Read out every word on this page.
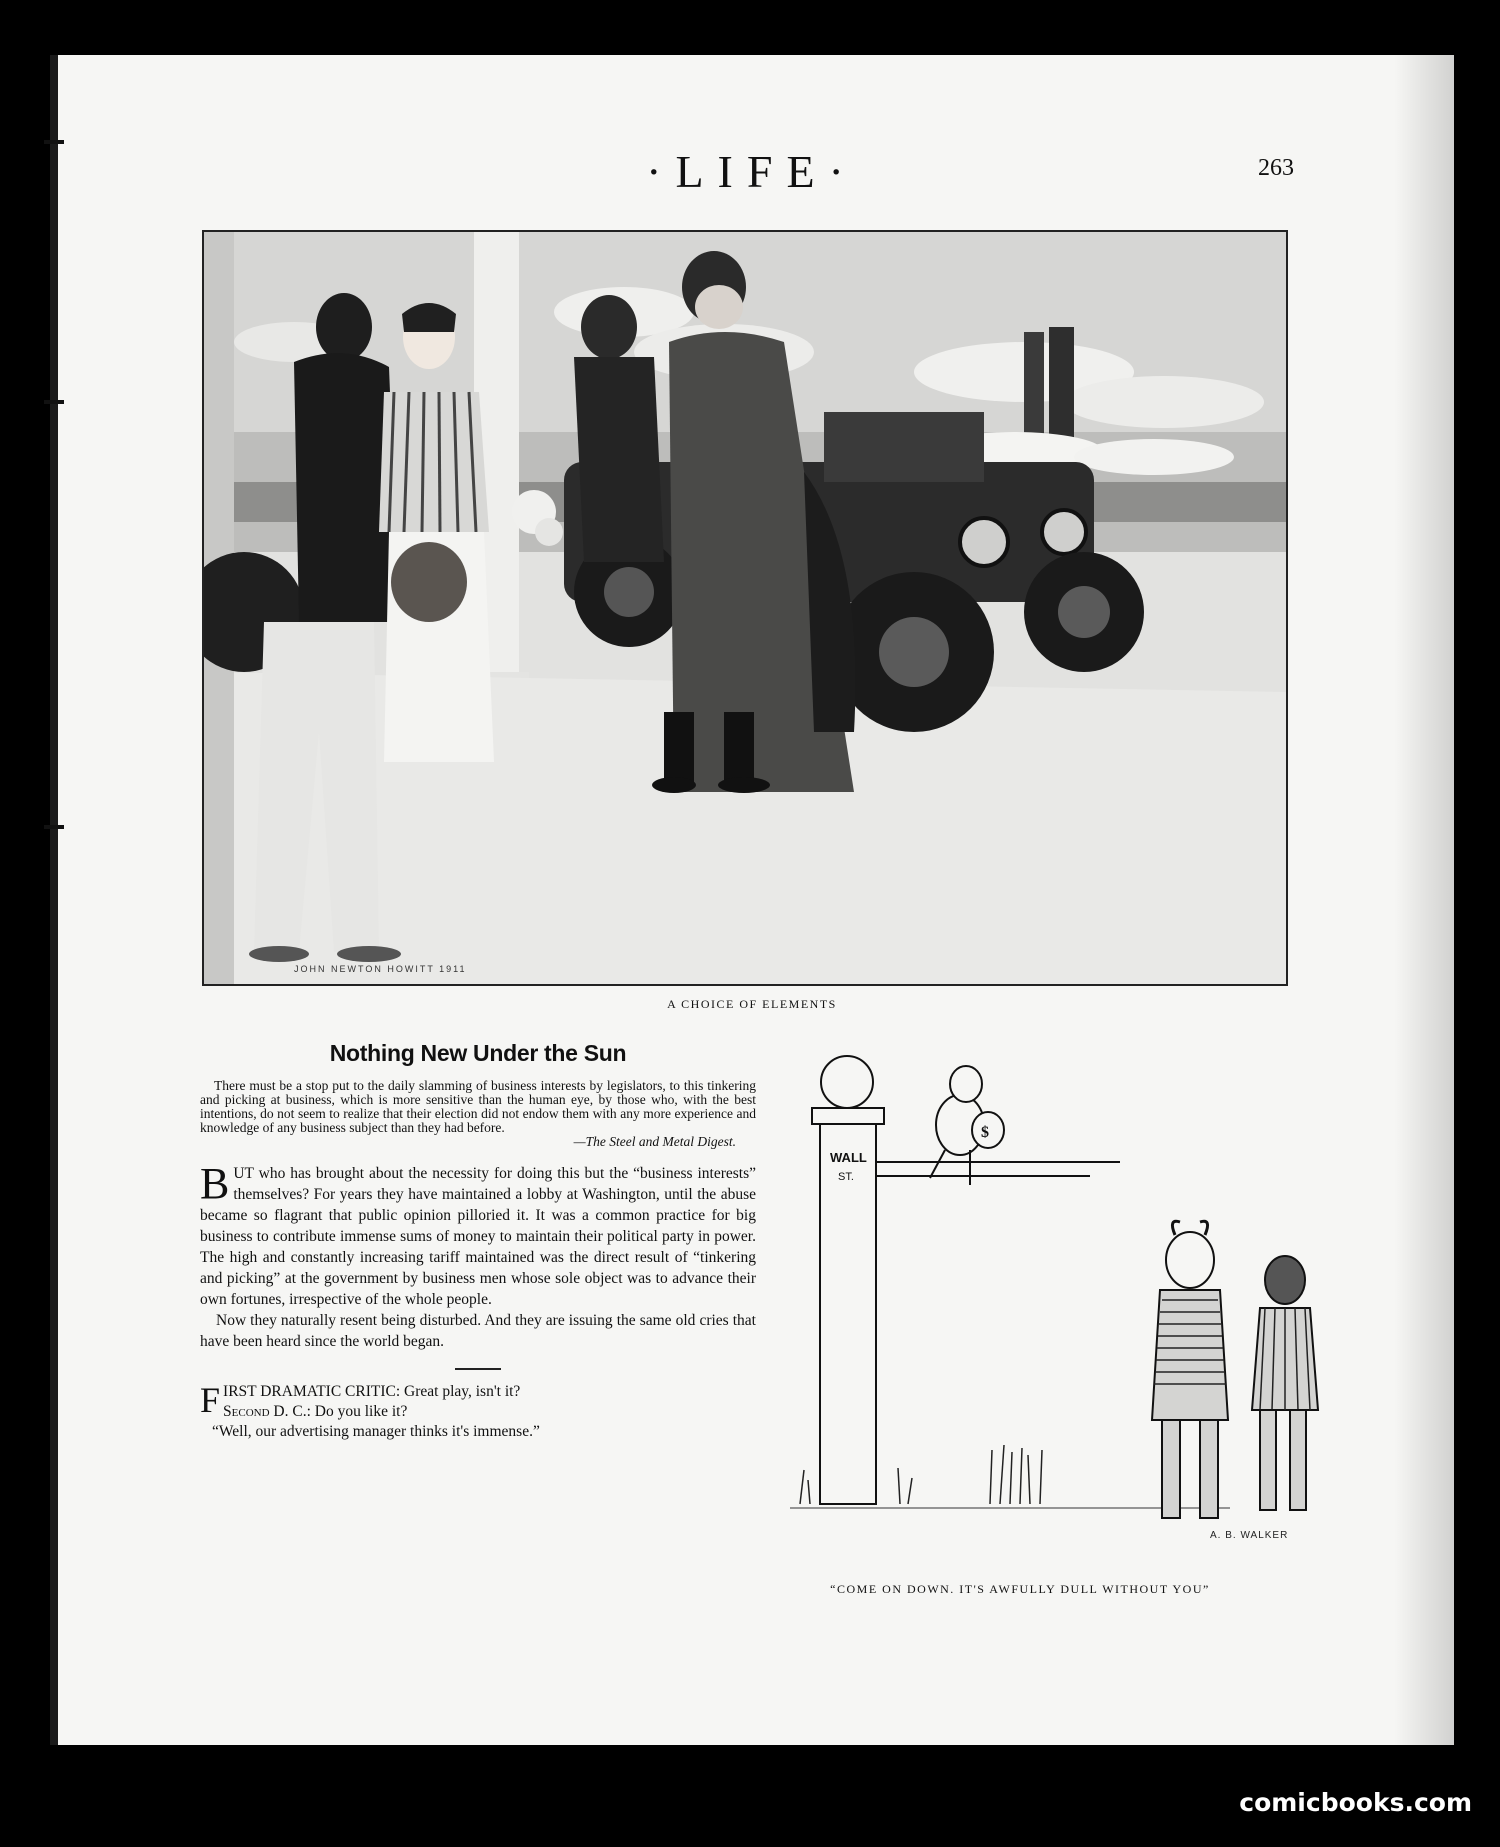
·LIFE·	263
JOHN NEWTON HOWITT 1911
A CHOICE OF ELEMENTS
Nothing New Under the Sun

There must be a stop put to the daily slamming of business interests by legislators, to this tinkering and picking at business, which is more sensitive than the human eye, by those who, with the best intentions, do not seem to realize that their election did not endow them with any more experience and knowledge of any business subject than they had before.

—The Steel and Metal Digest.

BUT who has brought about the necessity for doing this but the “business interests” themselves? For years they have maintained a lobby at Washington, until the abuse became so flagrant that public opinion pilloried it. It was a common practice for big business to contribute immense sums of money to maintain their political party in power. The high and constantly increasing tariff maintained was the direct result of “tinkering and picking” at the government by business men whose sole object was to advance their own fortunes, irrespective of the whole people.

Now they naturally resent being disturbed. And they are issuing the same old cries that have been heard since the world began.

F IRST DRAMATIC CRITIC: Great play, isn't it?
Second D. C.: Do you like it?
“Well, our advertising manager thinks it's immense.”
WALL
ST.
$
A. B. WALKER
“COME ON DOWN. IT'S AWFULLY DULL WITHOUT YOU”
comicbooks.com
